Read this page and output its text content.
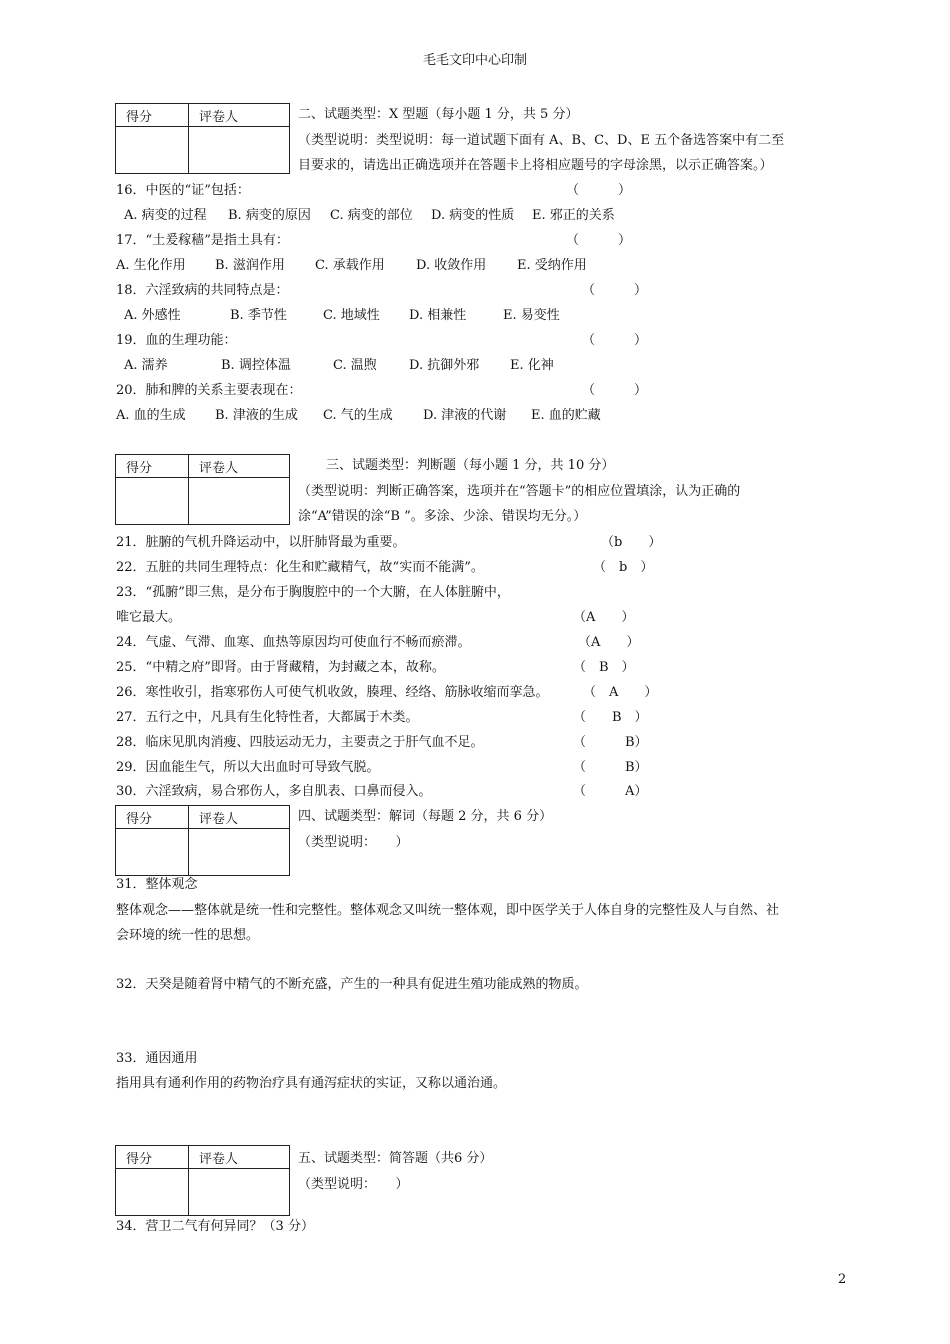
毛毛文印中心印制
得分	评卷人
		二、试题类型：X 型题（每小题 1 分，共 5 分）
（类型说明：类型说明：每一道试题下面有 A、B、C、D、E 五个备选答案中有二至
目要求的，请选出正确选项并在答题卡上将相应题号的字母涂黑，以示正确答案。）
16．中医的“证”包括：	（　　　）
A. 病变的过程 B. 病变的原因 C. 病变的部位 D. 病变的性质 E. 邪正的关系
17．“土爰稼穑”是指土具有：	（　　　）
A. 生化作用 B. 滋润作用 C. 承载作用 D. 收敛作用 E. 受纳作用
18．六淫致病的共同特点是：	（　　　）
A. 外感性	B. 季节性	C. 地域性 D. 相兼性	E. 易变性
19．血的生理功能：	（　　　）
A. 濡养	B. 调控体温	C. 温煦 D. 抗御外邪 E. 化神
20．肺和脾的关系主要表现在：	（　　　）
A. 血的生成 B. 津液的生成 C. 气的生成 D. 津液的代谢 E. 血的贮藏
得分	评卷人
		三、试题类型：判断题（每小题 1 分，共 10 分）
（类型说明：判断正确答案，选项并在“答题卡”的相应位置填涂，认为正确的
涂“A”错误的涂“B ”。多涂、少涂、错误均无分。）
21．脏腑的气机升降运动中，以肝肺肾最为重要。	（b　　）
22．五脏的共同生理特点：化生和贮藏精气，故“实而不能满”。	（　b　）
23．“孤腑”即三焦，是分布于胸腹腔中的一个大腑，在人体脏腑中，
唯它最大。	（A　　）
24．气虚、气滞、血寒、血热等原因均可使血行不畅而瘀滞。	（A　　）
25．“中精之府”即肾。由于肾藏精，为封藏之本，故称。	（　B　）
26．寒性收引，指寒邪伤人可使气机收敛，腠理、经络、筋脉收缩而挛急。	（　A　　）
27．五行之中，凡具有生化特性者，大都属于木类。	（　　B　）
28．临床见肌肉消瘦、四肢运动无力，主要责之于肝气血不足。	（　　　B）
29．因血能生气，所以大出血时可导致气脱。	（　　　B）
30．六淫致病，易合邪伤人，多自肌表、口鼻而侵入。	（　　　A）
得分	评卷人
		四、试题类型：解词（每题 2 分，共 6 分）
（类型说明：　　）
31．整体观念
整体观念——整体就是统一性和完整性。整体观念又叫统一整体观，即中医学关于人体自身的完整性及人与自然、社
会环境的统一性的思想。
32．天癸是随着肾中精气的不断充盛，产生的一种具有促进生殖功能成熟的物质。
33．通因通用
指用具有通利作用的药物治疗具有通泻症状的实证，又称以通治通。
得分	评卷人
		五、试题类型：简答题（共6 分）
（类型说明：　　）
34．营卫二气有何异同？（3 分）
2
